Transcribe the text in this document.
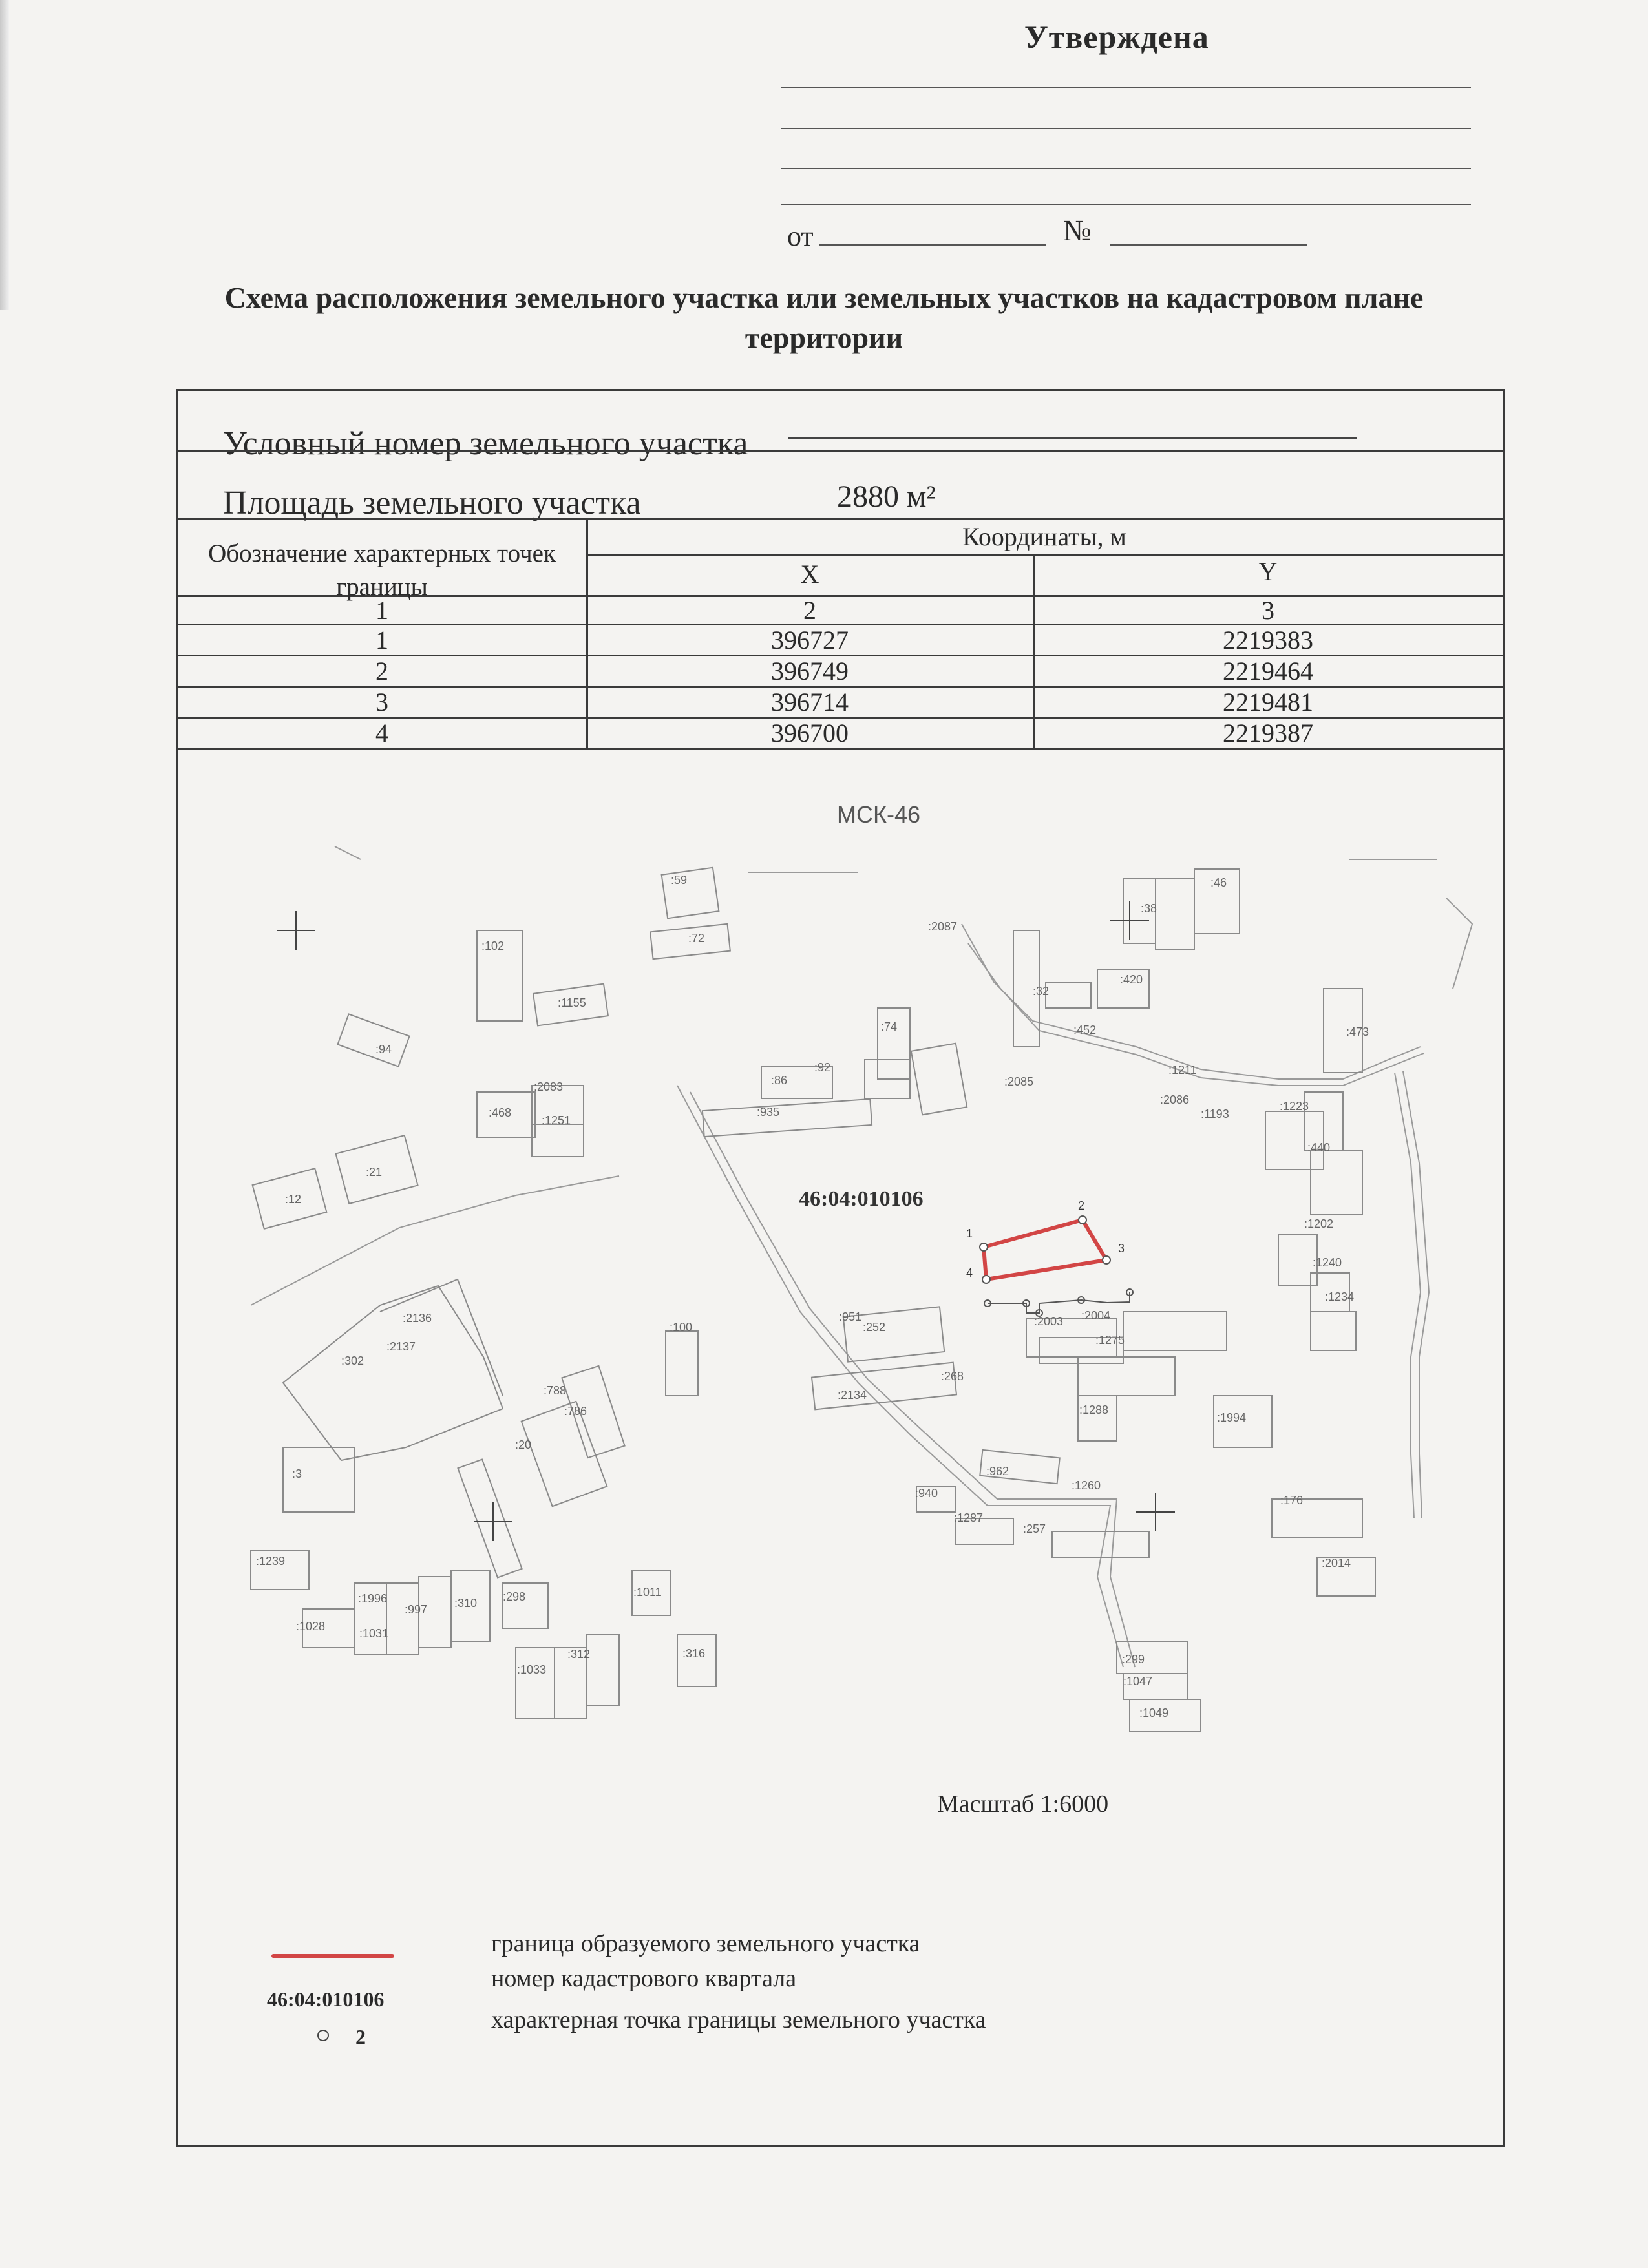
Утверждена
от	№
Схема расположения земельного участка или земельных участков на кадастровом плане территории
Условный номер земельного участка
Площадь земельного участка	2880 м²
Обозначение характерных точек границы
Координаты, м
X	Y
1	2	3
1	396727	2219383
2	396749	2219464
3	396714	2219481
4	396700	2219387
МСК-46
1
2
3
4
46:04:010106
:59
:72
:2087
:38
:46
:102
:1155
:32
:420
:473
:94
:74	:452
:2083
:468
:1251
:86
:92	:1211
:2085
:935
:2086
:1193
:1223
:440
:21
:12
:1202
:1240
:1234
:2136
:2137
:302
:951
:252
:100	:2003 :2004
:1275
:788
:786
:2134
:268
:1288
:1994
:20
:3	:962
:940
:1260
:176
:1287
:257
:1239	:2014
:1996
:997 :310 :298	:1011
:1028
:1031
:316	:299
:1033
:312
:1047
:1049
Масштаб 1:6000
граница образуемого земельного участка
46:04:010106
номер кадастрового квартала
2
характерная точка границы земельного участка
